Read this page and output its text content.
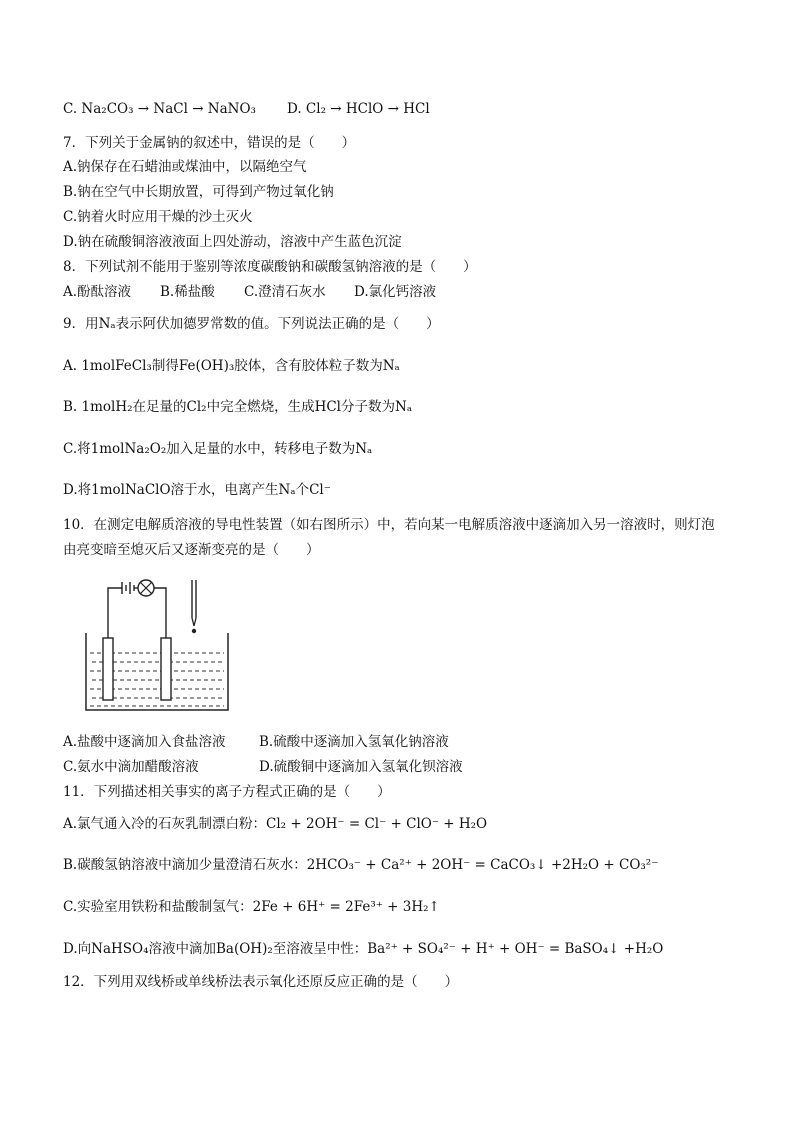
C. Na₂CO₃ → NaCl → NaNO₃ D. Cl₂ → HClO → HCl
7．下列关于金属钠的叙述中，错误的是（　　）
A.钠保存在石蜡油或煤油中，以隔绝空气
B.钠在空气中长期放置，可得到产物过氧化钠
C.钠着火时应用干燥的沙土灭火
D.钠在硫酸铜溶液液面上四处游动，溶液中产生蓝色沉淀
8．下列试剂不能用于鉴别等浓度碳酸钠和碳酸氢钠溶液的是（　　）
A.酚酞溶液 B.稀盐酸 C.澄清石灰水 D.氯化钙溶液
9．用Nₐ表示阿伏加德罗常数的值。下列说法正确的是（　　）
A. 1molFeCl₃制得Fe(OH)₃胶体，含有胶体粒子数为Nₐ
B. 1molH₂在足量的Cl₂中完全燃烧，生成HCl分子数为Nₐ
C.将1molNa₂O₂加入足量的水中，转移电子数为Nₐ
D.将1molNaClO溶于水，电离产生Nₐ个Cl⁻
10．在测定电解质溶液的导电性装置（如右图所示）中，若向某一电解质溶液中逐滴加入另一溶液时，则灯泡
由亮变暗至熄灭后又逐渐变亮的是（　　）
A.盐酸中逐滴加入食盐溶液 B.硫酸中逐滴加入氢氧化钠溶液
C.氨水中滴加醋酸溶液	D.硫酸铜中逐滴加入氢氧化钡溶液
11．下列描述相关事实的离子方程式正确的是（　　）
A.氯气通入冷的石灰乳制漂白粉：Cl₂ + 2OH⁻ = Cl⁻ + ClO⁻ + H₂O
B.碳酸氢钠溶液中滴加少量澄清石灰水：2HCO₃⁻ + Ca²⁺ + 2OH⁻ = CaCO₃↓ +2H₂O + CO₃²⁻
C.实验室用铁粉和盐酸制氢气：2Fe + 6H⁺ = 2Fe³⁺ + 3H₂↑
D.向NaHSO₄溶液中滴加Ba(OH)₂至溶液呈中性：Ba²⁺ + SO₄²⁻ + H⁺ + OH⁻ = BaSO₄↓ +H₂O
12．下列用双线桥或单线桥法表示氧化还原反应正确的是（　　）
